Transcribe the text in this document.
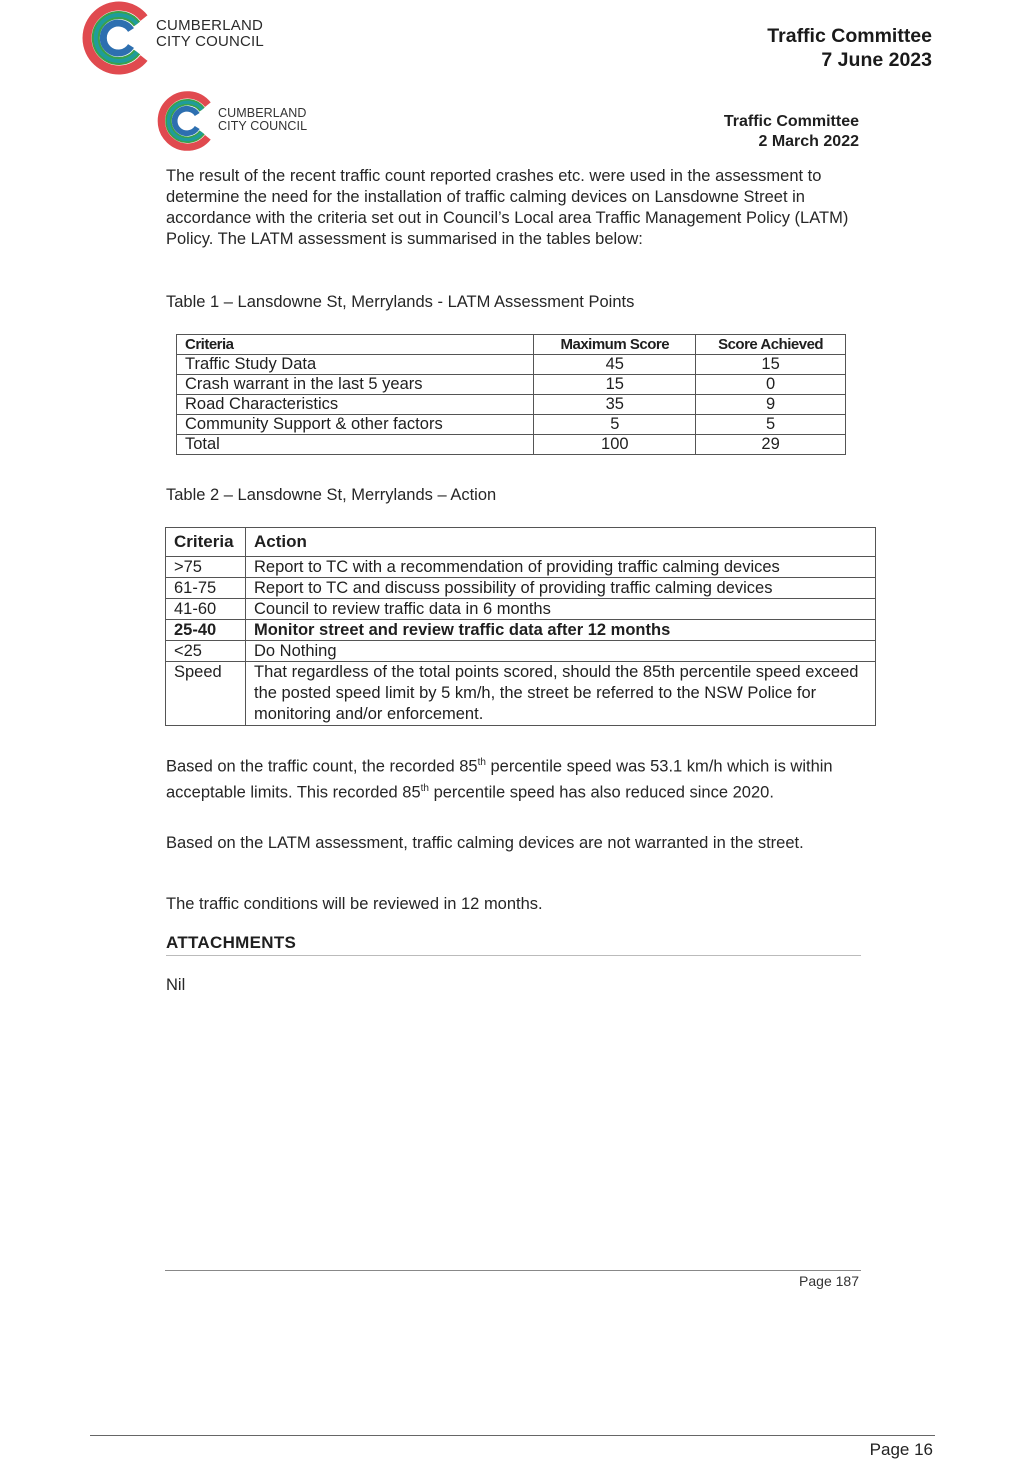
CUMBERLAND
CITY COUNCIL	Traffic Committee
7 June 2023
CUMBERLAND
CITY COUNCIL	Traffic Committee
2 March 2022
The result of the recent traffic count reported crashes etc. were used in the assessment to determine the need for the installation of traffic calming devices on Lansdowne Street in accordance with the criteria set out in Council’s Local area Traffic Management Policy (LATM) Policy. The LATM assessment is summarised in the tables below:
Table 1 – Lansdowne St, Merrylands - LATM Assessment Points
Criteria	Maximum Score	Score Achieved
Traffic Study Data	45	15
Crash warrant in the last 5 years	15	0
Road Characteristics	35	9
Community Support & other factors	5	5
Total	100	29
Table 2 – Lansdowne St, Merrylands – Action
Criteria	Action
>75	Report to TC with a recommendation of providing traffic calming devices
61-75	Report to TC and discuss possibility of providing traffic calming devices
41-60	Council to review traffic data in 6 months
25-40	Monitor street and review traffic data after 12 months
<25	Do Nothing
Speed	That regardless of the total points scored, should the 85th percentile speed exceed the posted speed limit by 5 km/h, the street be referred to the NSW Police for monitoring and/or enforcement.
Based on the traffic count, the recorded 85th percentile speed was 53.1 km/h which is within acceptable limits. This recorded 85th percentile speed has also reduced since 2020.
Based on the LATM assessment, traffic calming devices are not warranted in the street.
The traffic conditions will be reviewed in 12 months.
ATTACHMENTS
Nil
Page 187
Page 16
